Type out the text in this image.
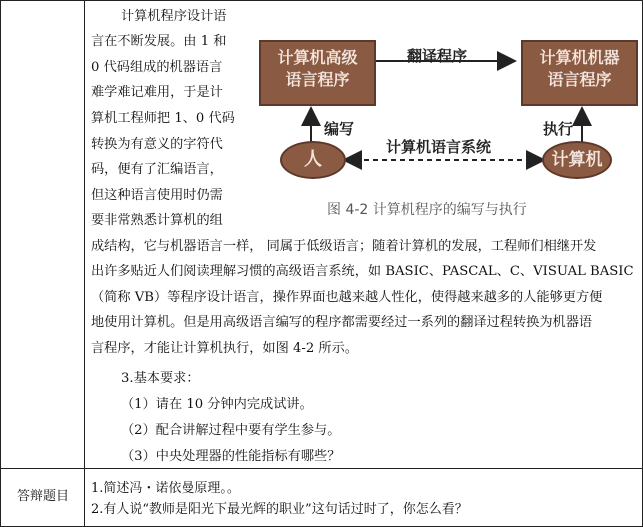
计算机程序设计语
言在不断发展。由 1 和
0 代码组成的机器语言
难学难记难用，于是计
算机工程师把 1、0 代码
转换为有意义的字符代
码，便有了汇编语言，
但这种语言使用时仍需
要非常熟悉计算机的组
成结构，它与机器语言一样， 同属于低级语言；随着计算机的发展，工程师们相继开发
出许多贴近人们阅读理解习惯的高级语言系统，如 BASIC、PASCAL、C、VISUAL BASIC
（简称 VB）等程序设计语言，操作界面也越来越人性化，使得越来越多的人能够更方便
地使用计算机。但是用高级语言编写的程序都需要经过一系列的翻译过程转换为机器语
言程序，才能让计算机执行，如图 4-2 所示。
3.基本要求：
（1）请在 10 分钟内完成试讲。
（2）配合讲解过程中要有学生参与。
（3）中央处理器的性能指标有哪些？
答辩题目
1.简述冯・诺依曼原理。。
2.有人说“教师是阳光下最光辉的职业”这句话过时了，你怎么看？
计算机高级
语言程序
计算机机器
语言程序
翻译程序
编写	执行
计算机语言系统
人	计算机
图 4-2 计算机程序的编写与执行
